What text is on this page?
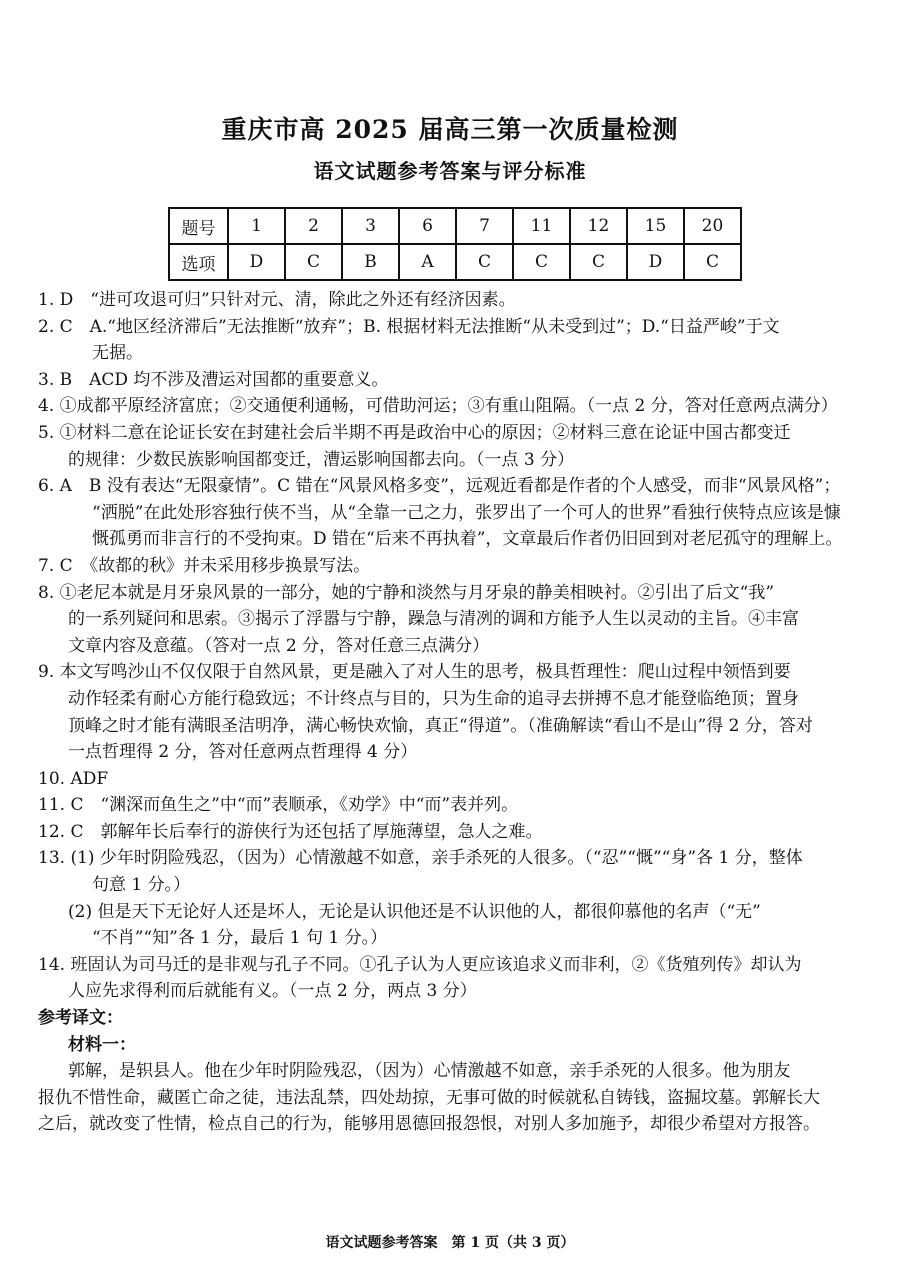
重庆市高 2025 届高三第一次质量检测
语文试题参考答案与评分标准
题号	1	2	3	6	7	11	12	15	20
选项	D	C	B	A	C	C	C	D	C
1. D　“进可攻退可归”只针对元、清，除此之外还有经济因素。
2. C　A.“地区经济滞后”无法推断“放弃”；B. 根据材料无法推断“从未受到过”；D.“日益严峻”于文
无据。
3. B　ACD 均不涉及漕运对国都的重要意义。
4. ①成都平原经济富庶；②交通便利通畅，可借助河运；③有重山阻隔。（一点 2 分，答对任意两点满分）
5. ①材料二意在论证长安在封建社会后半期不再是政治中心的原因；②材料三意在论证中国古都变迁
的规律：少数民族影响国都变迁，漕运影响国都去向。（一点 3 分）
6. A　B 没有表达“无限豪情”。C 错在“风景风格多变”，远观近看都是作者的个人感受，而非“风景风格”；
“洒脱”在此处形容独行侠不当，从“全靠一己之力，张罗出了一个可人的世界”看独行侠特点应该是慷
慨孤勇而非言行的不受拘束。D 错在“后来不再执着”，文章最后作者仍旧回到对老尼孤守的理解上。
7. C　《故都的秋》并未采用移步换景写法。
8. ①老尼本就是月牙泉风景的一部分，她的宁静和淡然与月牙泉的静美相映衬。②引出了后文“我”
的一系列疑问和思索。③揭示了浮嚣与宁静，躁急与清冽的调和方能予人生以灵动的主旨。④丰富
文章内容及意蕴。（答对一点 2 分，答对任意三点满分）
9. 本文写鸣沙山不仅仅限于自然风景，更是融入了对人生的思考，极具哲理性：爬山过程中领悟到要
动作轻柔有耐心方能行稳致远；不计终点与目的，只为生命的追寻去拼搏不息才能登临绝顶；置身
顶峰之时才能有满眼圣洁明净，满心畅快欢愉，真正“得道”。（准确解读“看山不是山”得 2 分，答对
一点哲理得 2 分，答对任意两点哲理得 4 分）
10. ADF
11. C　“渊深而鱼生之”中“而”表顺承，《劝学》中“而”表并列。
12. C　郭解年长后奉行的游侠行为还包括了厚施薄望，急人之难。
13. (1) 少年时阴险残忍，（因为）心情激越不如意，亲手杀死的人很多。（“忍”“慨”“身”各 1 分，整体
句意 1 分。）
(2) 但是天下无论好人还是坏人，无论是认识他还是不认识他的人，都很仰慕他的名声（“无”
“不肖”“知”各 1 分，最后 1 句 1 分。）
14. 班固认为司马迁的是非观与孔子不同。①孔子认为人更应该追求义而非利，②《货殖列传》却认为
人应先求得利而后就能有义。（一点 2 分，两点 3 分）
参考译文：
材料一：
郭解，是轵县人。他在少年时阴险残忍，（因为）心情激越不如意，亲手杀死的人很多。他为朋友
报仇不惜性命，藏匿亡命之徒，违法乱禁，四处劫掠，无事可做的时候就私自铸钱，盗掘坟墓。郭解长大
之后，就改变了性情，检点自己的行为，能够用恩德回报怨恨，对别人多加施予，却很少希望对方报答。
语文试题参考答案　第 1 页（共 3 页）
